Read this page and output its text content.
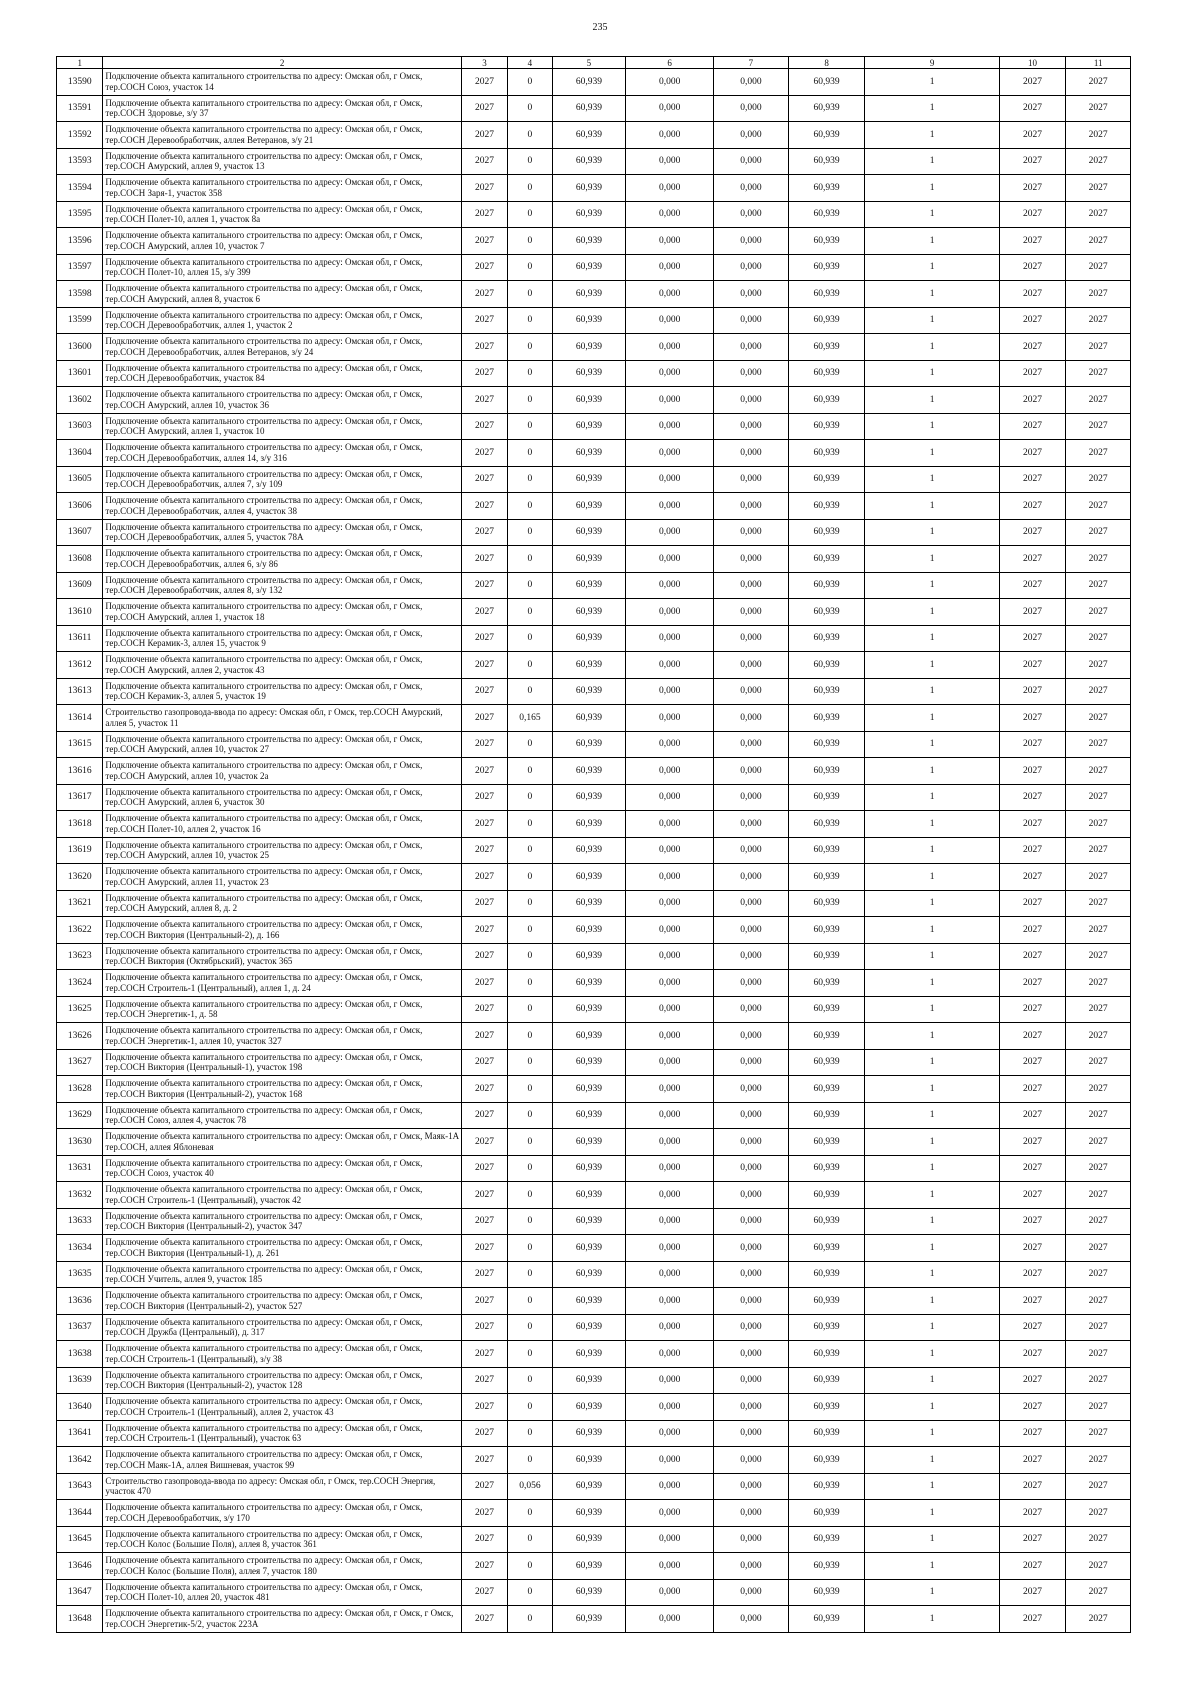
235
1	2	3	4	5	6	7	8	9	10	11
13590	Подключение объекта капитального строительства по адресу: Омская обл, г Омск, тер.СОСН Союз, участок 14	2027	0	60,939	0,000	0,000	60,939	1	2027	2027
13591	Подключение объекта капитального строительства по адресу: Омская обл, г Омск, тер.СОСН Здоровье, з/у 37	2027	0	60,939	0,000	0,000	60,939	1	2027	2027
13592	Подключение объекта капитального строительства по адресу: Омская обл, г Омск, тер.СОСН Деревообработчик, аллея Ветеранов, з/у 21	2027	0	60,939	0,000	0,000	60,939	1	2027	2027
13593	Подключение объекта капитального строительства по адресу: Омская обл, г Омск, тер.СОСН Амурский, аллея 9, участок 13	2027	0	60,939	0,000	0,000	60,939	1	2027	2027
13594	Подключение объекта капитального строительства по адресу: Омская обл, г Омск, тер.СОСН Заря-1, участок 358	2027	0	60,939	0,000	0,000	60,939	1	2027	2027
13595	Подключение объекта капитального строительства по адресу: Омская обл, г Омск, тер.СОСН Полет-10, аллея 1, участок 8а	2027	0	60,939	0,000	0,000	60,939	1	2027	2027
13596	Подключение объекта капитального строительства по адресу: Омская обл, г Омск, тер.СОСН Амурский, аллея 10, участок 7	2027	0	60,939	0,000	0,000	60,939	1	2027	2027
13597	Подключение объекта капитального строительства по адресу: Омская обл, г Омск, тер.СОСН Полет-10, аллея 15, з/у 399	2027	0	60,939	0,000	0,000	60,939	1	2027	2027
13598	Подключение объекта капитального строительства по адресу: Омская обл, г Омск, тер.СОСН Амурский, аллея 8, участок 6	2027	0	60,939	0,000	0,000	60,939	1	2027	2027
13599	Подключение объекта капитального строительства по адресу: Омская обл, г Омск, тер.СОСН Деревообработчик, аллея 1, участок 2	2027	0	60,939	0,000	0,000	60,939	1	2027	2027
13600	Подключение объекта капитального строительства по адресу: Омская обл, г Омск, тер.СОСН Деревообработчик, аллея Ветеранов, з/у 24	2027	0	60,939	0,000	0,000	60,939	1	2027	2027
13601	Подключение объекта капитального строительства по адресу: Омская обл, г Омск, тер.СОСН Деревообработчик, участок 84	2027	0	60,939	0,000	0,000	60,939	1	2027	2027
13602	Подключение объекта капитального строительства по адресу: Омская обл, г Омск, тер.СОСН Амурский, аллея 10, участок 36	2027	0	60,939	0,000	0,000	60,939	1	2027	2027
13603	Подключение объекта капитального строительства по адресу: Омская обл, г Омск, тер.СОСН Амурский, аллея 1, участок 10	2027	0	60,939	0,000	0,000	60,939	1	2027	2027
13604	Подключение объекта капитального строительства по адресу: Омская обл, г Омск, тер.СОСН Деревообработчик, аллея 14, з/у 316	2027	0	60,939	0,000	0,000	60,939	1	2027	2027
13605	Подключение объекта капитального строительства по адресу: Омская обл, г Омск, тер.СОСН Деревообработчик, аллея 7, з/у 109	2027	0	60,939	0,000	0,000	60,939	1	2027	2027
13606	Подключение объекта капитального строительства по адресу: Омская обл, г Омск, тер.СОСН Деревообработчик, аллея 4, участок 38	2027	0	60,939	0,000	0,000	60,939	1	2027	2027
13607	Подключение объекта капитального строительства по адресу: Омская обл, г Омск, тер.СОСН Деревообработчик, аллея 5, участок 78А	2027	0	60,939	0,000	0,000	60,939	1	2027	2027
13608	Подключение объекта капитального строительства по адресу: Омская обл, г Омск, тер.СОСН Деревообработчик, аллея 6, з/у 86	2027	0	60,939	0,000	0,000	60,939	1	2027	2027
13609	Подключение объекта капитального строительства по адресу: Омская обл, г Омск, тер.СОСН Деревообработчик, аллея 8, з/у 132	2027	0	60,939	0,000	0,000	60,939	1	2027	2027
13610	Подключение объекта капитального строительства по адресу: Омская обл, г Омск, тер.СОСН Амурский, аллея 1, участок 18	2027	0	60,939	0,000	0,000	60,939	1	2027	2027
13611	Подключение объекта капитального строительства по адресу: Омская обл, г Омск, тер.СОСН Керамик-3, аллея 15, участок 9	2027	0	60,939	0,000	0,000	60,939	1	2027	2027
13612	Подключение объекта капитального строительства по адресу: Омская обл, г Омск, тер.СОСН Амурский, аллея 2, участок 43	2027	0	60,939	0,000	0,000	60,939	1	2027	2027
13613	Подключение объекта капитального строительства по адресу: Омская обл, г Омск, тер.СОСН Керамик-3, аллея 5, участок 19	2027	0	60,939	0,000	0,000	60,939	1	2027	2027
13614	Строительство газопровода-ввода по адресу: Омская обл, г Омск, тер.СОСН Амурский, аллея 5, участок 11	2027	0,165	60,939	0,000	0,000	60,939	1	2027	2027
13615	Подключение объекта капитального строительства по адресу: Омская обл, г Омск, тер.СОСН Амурский, аллея 10, участок 27	2027	0	60,939	0,000	0,000	60,939	1	2027	2027
13616	Подключение объекта капитального строительства по адресу: Омская обл, г Омск, тер.СОСН Амурский, аллея 10, участок 2а	2027	0	60,939	0,000	0,000	60,939	1	2027	2027
13617	Подключение объекта капитального строительства по адресу: Омская обл, г Омск, тер.СОСН Амурский, аллея 6, участок 30	2027	0	60,939	0,000	0,000	60,939	1	2027	2027
13618	Подключение объекта капитального строительства по адресу: Омская обл, г Омск, тер.СОСН Полет-10, аллея 2, участок 16	2027	0	60,939	0,000	0,000	60,939	1	2027	2027
13619	Подключение объекта капитального строительства по адресу: Омская обл, г Омск, тер.СОСН Амурский, аллея 10, участок 25	2027	0	60,939	0,000	0,000	60,939	1	2027	2027
13620	Подключение объекта капитального строительства по адресу: Омская обл, г Омск, тер.СОСН Амурский, аллея 11, участок 23	2027	0	60,939	0,000	0,000	60,939	1	2027	2027
13621	Подключение объекта капитального строительства по адресу: Омская обл, г Омск, тер.СОСН Амурский, аллея 8, д. 2	2027	0	60,939	0,000	0,000	60,939	1	2027	2027
13622	Подключение объекта капитального строительства по адресу: Омская обл, г Омск, тер.СОСН Виктория (Центральный-2), д. 166	2027	0	60,939	0,000	0,000	60,939	1	2027	2027
13623	Подключение объекта капитального строительства по адресу: Омская обл, г Омск, тер.СОСН Виктория (Октябрьский), участок 365	2027	0	60,939	0,000	0,000	60,939	1	2027	2027
13624	Подключение объекта капитального строительства по адресу: Омская обл, г Омск, тер.СОСН Строитель-1 (Центральный), аллея 1, д. 24	2027	0	60,939	0,000	0,000	60,939	1	2027	2027
13625	Подключение объекта капитального строительства по адресу: Омская обл, г Омск, тер.СОСН Энергетик-1, д. 58	2027	0	60,939	0,000	0,000	60,939	1	2027	2027
13626	Подключение объекта капитального строительства по адресу: Омская обл, г Омск, тер.СОСН Энергетик-1, аллея 10, участок 327	2027	0	60,939	0,000	0,000	60,939	1	2027	2027
13627	Подключение объекта капитального строительства по адресу: Омская обл, г Омск, тер.СОСН Виктория (Центральный-1), участок 198	2027	0	60,939	0,000	0,000	60,939	1	2027	2027
13628	Подключение объекта капитального строительства по адресу: Омская обл, г Омск, тер.СОСН Виктория (Центральный-2), участок 168	2027	0	60,939	0,000	0,000	60,939	1	2027	2027
13629	Подключение объекта капитального строительства по адресу: Омская обл, г Омск, тер.СОСН Союз, аллея 4, участок 78	2027	0	60,939	0,000	0,000	60,939	1	2027	2027
13630	Подключение объекта капитального строительства по адресу: Омская обл, г Омск, Маяк-1А тер.СОСН, аллея Яблоневая	2027	0	60,939	0,000	0,000	60,939	1	2027	2027
13631	Подключение объекта капитального строительства по адресу: Омская обл, г Омск, тер.СОСН Союз, участок 40	2027	0	60,939	0,000	0,000	60,939	1	2027	2027
13632	Подключение объекта капитального строительства по адресу: Омская обл, г Омск, тер.СОСН Строитель-1 (Центральный), участок 42	2027	0	60,939	0,000	0,000	60,939	1	2027	2027
13633	Подключение объекта капитального строительства по адресу: Омская обл, г Омск, тер.СОСН Виктория (Центральный-2), участок 347	2027	0	60,939	0,000	0,000	60,939	1	2027	2027
13634	Подключение объекта капитального строительства по адресу: Омская обл, г Омск, тер.СОСН Виктория (Центральный-1), д. 261	2027	0	60,939	0,000	0,000	60,939	1	2027	2027
13635	Подключение объекта капитального строительства по адресу: Омская обл, г Омск, тер.СОСН Учитель, аллея 9, участок 185	2027	0	60,939	0,000	0,000	60,939	1	2027	2027
13636	Подключение объекта капитального строительства по адресу: Омская обл, г Омск, тер.СОСН Виктория (Центральный-2), участок 527	2027	0	60,939	0,000	0,000	60,939	1	2027	2027
13637	Подключение объекта капитального строительства по адресу: Омская обл, г Омск, тер.СОСН Дружба (Центральный), д. 317	2027	0	60,939	0,000	0,000	60,939	1	2027	2027
13638	Подключение объекта капитального строительства по адресу: Омская обл, г Омск, тер.СОСН Строитель-1 (Центральный), з/у 38	2027	0	60,939	0,000	0,000	60,939	1	2027	2027
13639	Подключение объекта капитального строительства по адресу: Омская обл, г Омск, тер.СОСН Виктория (Центральный-2), участок 128	2027	0	60,939	0,000	0,000	60,939	1	2027	2027
13640	Подключение объекта капитального строительства по адресу: Омская обл, г Омск, тер.СОСН Строитель-1 (Центральный), аллея 2, участок 43	2027	0	60,939	0,000	0,000	60,939	1	2027	2027
13641	Подключение объекта капитального строительства по адресу: Омская обл, г Омск, тер.СОСН Строитель-1 (Центральный), участок 63	2027	0	60,939	0,000	0,000	60,939	1	2027	2027
13642	Подключение объекта капитального строительства по адресу: Омская обл, г Омск, тер.СОСН Маяк-1А, аллея Вишневая, участок 99	2027	0	60,939	0,000	0,000	60,939	1	2027	2027
13643	Строительство газопровода-ввода по адресу: Омская обл, г Омск, тер.СОСН Энергия, участок 470	2027	0,056	60,939	0,000	0,000	60,939	1	2027	2027
13644	Подключение объекта капитального строительства по адресу: Омская обл, г Омск, тер.СОСН Деревообработчик, з/у 170	2027	0	60,939	0,000	0,000	60,939	1	2027	2027
13645	Подключение объекта капитального строительства по адресу: Омская обл, г Омск, тер.СОСН Колос (Большие Поля), аллея 8, участок 361	2027	0	60,939	0,000	0,000	60,939	1	2027	2027
13646	Подключение объекта капитального строительства по адресу: Омская обл, г Омск, тер.СОСН Колос (Большие Поля), аллея 7, участок 180	2027	0	60,939	0,000	0,000	60,939	1	2027	2027
13647	Подключение объекта капитального строительства по адресу: Омская обл, г Омск, тер.СОСН Полет-10, аллея 20, участок 481	2027	0	60,939	0,000	0,000	60,939	1	2027	2027
13648	Подключение объекта капитального строительства по адресу: Омская обл, г Омск, г Омск, тер.СОСН Энергетик-5/2, участок 223А	2027	0	60,939	0,000	0,000	60,939	1	2027	2027
